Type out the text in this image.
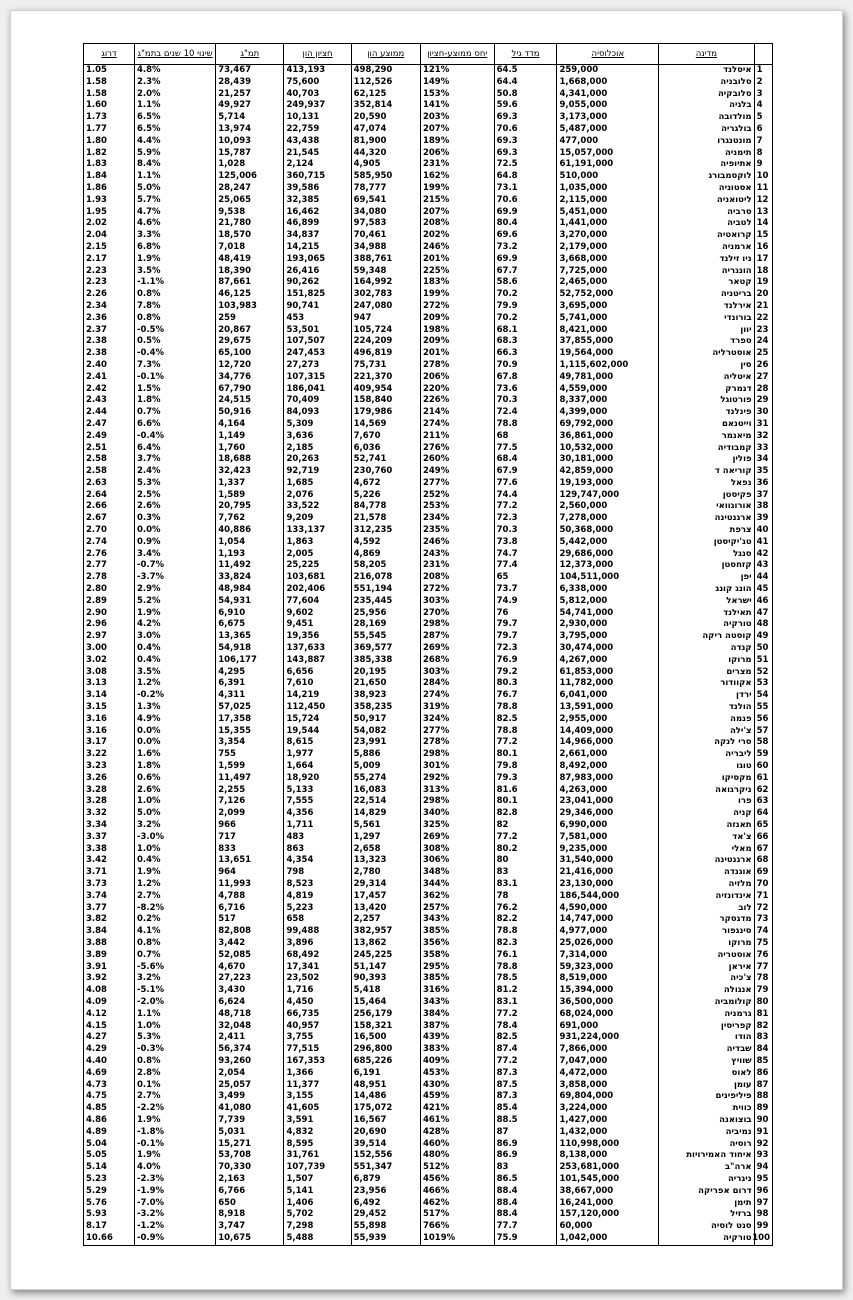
	מדינה	אוכלוסיה	מדד גיל	יחס ממוצע-חציון	ממוצע הון	חציון הון	תמ"ג	שינוי 10 שנים בתמ"ג	דרוג
1	איסלנד	259,000	64.5	121%	498,290	413,193	73,467	4.8%	1.05
2	סלובניה	1,668,000	64.4	149%	112,526	75,600	28,439	2.3%	1.58
3	סלובקיה	4,341,000	50.8	153%	62,125	40,703	21,257	2.0%	1.58
4	בלגיה	9,055,000	59.6	141%	352,814	249,937	49,927	1.1%	1.60
5	מולדובה	3,173,000	69.3	203%	20,590	10,131	5,714	6.5%	1.73
6	בולגריה	5,487,000	70.6	207%	47,074	22,759	13,974	6.5%	1.77
7	מונטנגרו	477,000	69.3	189%	81,900	43,438	10,093	4.4%	1.80
8	תימניה	15,057,000	69.3	206%	44,320	21,545	15,787	5.9%	1.82
9	אתיופיה	61,191,000	72.5	231%	4,905	2,124	1,028	8.4%	1.83
10	לוקסמבורג	510,000	64.8	162%	585,950	360,715	125,006	1.1%	1.84
11	אסטוניה	1,035,000	73.1	199%	78,777	39,586	28,247	5.0%	1.86
12	ליטואניה	2,115,000	70.6	215%	69,541	32,385	25,065	5.7%	1.93
13	סרביה	5,451,000	69.9	207%	34,080	16,462	9,538	4.7%	1.95
14	לטביה	1,441,000	80.4	208%	97,583	46,899	21,780	4.6%	2.02
15	קרואטיה	3,270,000	69.6	202%	70,461	34,837	18,570	3.3%	2.04
16	ארמניה	2,179,000	73.2	246%	34,988	14,215	7,018	6.8%	2.15
17	ניו זילנד	3,668,000	69.9	201%	388,761	193,065	48,419	1.9%	2.17
18	הונגריה	7,725,000	67.7	225%	59,348	26,416	18,390	3.5%	2.23
19	קטאר	2,465,000	58.6	183%	164,992	90,262	87,661	-1.1%	2.23
20	בריטניה	52,752,000	70.2	199%	302,783	151,825	46,125	0.8%	2.26
21	אירלנד	3,695,000	79.9	272%	247,080	90,741	103,983	7.8%	2.34
22	בורונדי	5,741,000	70.2	209%	947	453	259	0.8%	2.36
23	יוון	8,421,000	68.1	198%	105,724	53,501	20,867	-0.5%	2.37
24	ספרד	37,855,000	68.3	209%	224,209	107,507	29,675	0.5%	2.38
25	אוסטרליה	19,564,000	66.3	201%	496,819	247,453	65,100	-0.4%	2.38
26	סין	1,115,602,000	70.9	278%	75,731	27,273	12,720	7.3%	2.40
27	איטליה	49,781,000	67.8	206%	221,370	107,315	34,776	-0.1%	2.41
28	דנמרק	4,559,000	73.6	220%	409,954	186,041	67,790	1.5%	2.42
29	פורטוגל	8,337,000	70.3	226%	158,840	70,409	24,515	1.8%	2.43
30	פינלנד	4,399,000	72.4	214%	179,986	84,093	50,916	0.7%	2.44
31	וייטנאם	69,792,000	78.8	274%	14,569	5,309	4,164	6.6%	2.47
32	מיאנמר	36,861,000	68	211%	7,670	3,636	1,149	-0.4%	2.49
33	קמבודיה	10,532,000	77.5	276%	6,036	2,185	1,760	6.4%	2.51
34	פולין	30,181,000	68.4	260%	52,741	20,263	18,688	3.7%	2.58
35	קוריאה ד	42,859,000	67.9	249%	230,760	92,719	32,423	2.4%	2.58
36	נפאל	19,193,000	77.6	277%	4,672	1,685	1,337	5.3%	2.63
37	פקיסטן	129,747,000	74.4	252%	5,226	2,076	1,589	2.5%	2.64
38	אורוגוואי	2,560,000	77.2	253%	84,778	33,522	20,795	2.6%	2.66
39	ארגנטינה	7,278,000	72.3	234%	21,578	9,209	7,762	0.3%	2.67
40	צרפת	50,368,000	70.3	235%	312,235	133,137	40,886	0.0%	2.70
41	טג'יקיסטן	5,442,000	73.8	246%	4,592	1,863	1,054	0.9%	2.74
42	סנגל	29,686,000	74.7	243%	4,869	2,005	1,193	3.4%	2.76
43	קזחסטן	12,373,000	77.4	231%	58,205	25,225	11,492	-0.7%	2.77
44	יפן	104,511,000	65	208%	216,078	103,681	33,824	-3.7%	2.78
45	הונג קונג	6,338,000	73.7	272%	551,194	202,406	48,984	2.9%	2.80
46	ישראל	5,812,000	74.9	303%	235,445	77,604	54,931	5.2%	2.89
47	תאילנד	54,741,000	76	270%	25,956	9,602	6,910	1.9%	2.90
48	טורקיה	2,930,000	79.7	298%	28,169	9,451	6,675	4.2%	2.96
49	קוסטה ריקה	3,795,000	79.7	287%	55,545	19,356	13,365	3.0%	2.97
50	קנדה	30,474,000	72.3	269%	369,577	137,633	54,918	0.4%	3.00
51	מרוקו	4,267,000	76.9	268%	385,338	143,887	106,177	0.4%	3.02
52	מצרים	61,853,000	79.2	303%	20,195	6,656	4,295	3.5%	3.08
53	אקוודור	11,782,000	80.3	284%	21,650	7,610	6,391	1.2%	3.13
54	ירדן	6,041,000	76.7	274%	38,923	14,219	4,311	-0.2%	3.14
55	הולנד	13,591,000	78.8	319%	358,235	112,450	57,025	1.3%	3.15
56	פנמה	2,955,000	82.5	324%	50,917	15,724	17,358	4.9%	3.16
57	צ'ילה	14,409,000	78.8	277%	54,082	19,544	15,355	0.0%	3.16
58	סרי לנקה	14,966,000	77.2	278%	23,991	8,615	3,354	0.0%	3.17
59	ליבריה	2,661,000	80.1	298%	5,886	1,977	755	1.6%	3.22
60	טוגו	8,492,000	79.8	301%	5,009	1,664	1,599	1.8%	3.23
61	מקסיקו	87,983,000	79.3	292%	55,274	18,920	11,497	0.6%	3.26
62	ניקרגואה	4,263,000	81.6	313%	16,083	5,133	2,255	2.6%	3.28
63	פרו	23,041,000	80.1	298%	22,514	7,555	7,126	1.0%	3.28
64	קניה	29,346,000	82.8	340%	14,829	4,356	2,099	5.0%	3.32
65	תאנזה	6,990,000	82	325%	5,561	1,711	966	3.2%	3.34
66	צ'אד	7,581,000	77.2	269%	1,297	483	717	-3.0%	3.37
67	מאלי	9,235,000	80.2	308%	2,658	863	833	1.0%	3.38
68	ארגנטינה	31,540,000	80	306%	13,323	4,354	13,651	0.4%	3.42
69	אוגנדה	21,416,000	83	348%	2,780	798	964	1.9%	3.71
70	מלזיה	23,130,000	83.1	344%	29,314	8,523	11,993	1.2%	3.73
71	אינדונזיה	186,544,000	78	362%	17,457	4,819	4,788	2.7%	3.74
72	לוב	4,590,000	76.2	257%	13,420	5,223	6,716	-8.2%	3.77
73	מדגסקר	14,747,000	82.2	343%	2,257	658	517	0.2%	3.82
74	סינגפור	4,977,000	78.8	385%	382,957	99,488	82,808	4.1%	3.84
75	מרוקו	25,026,000	82.3	356%	13,862	3,896	3,442	0.8%	3.88
76	אוסטריה	7,314,000	76.1	358%	245,225	68,492	52,085	0.7%	3.89
77	איראן	59,323,000	78.8	295%	51,147	17,341	4,670	-5.6%	3.91
78	צ'כיה	8,519,000	78.5	385%	90,393	23,502	27,223	3.2%	3.92
79	אנגולה	15,394,000	81.2	316%	5,418	1,716	3,430	-5.1%	4.08
80	קולומביה	36,500,000	83.1	343%	15,464	4,450	6,624	-2.0%	4.09
81	גרמניה	68,024,000	77.2	384%	256,179	66,735	48,718	1.1%	4.12
82	קפריסין	691,000	78.4	387%	158,321	40,957	32,048	1.0%	4.15
83	הודו	931,224,000	82.5	439%	16,500	3,755	2,411	5.3%	4.27
84	שבדיה	7,866,000	87.4	383%	296,800	77,515	56,374	-0.3%	4.29
85	שוויץ	7,047,000	77.2	409%	685,226	167,353	93,260	0.8%	4.40
86	לאוס	4,472,000	87.3	453%	6,191	1,366	2,054	2.8%	4.69
87	עומן	3,858,000	87.5	430%	48,951	11,377	25,057	0.1%	4.73
88	פיליפינים	69,804,000	87.3	459%	14,486	3,155	3,499	2.7%	4.75
89	כווית	3,224,000	85.4	421%	175,072	41,605	41,080	-2.2%	4.85
90	בוצואנה	1,427,000	88.5	461%	16,567	3,591	7,739	1.9%	4.86
91	נמיביה	1,432,000	87	428%	20,690	4,832	5,031	-1.8%	4.89
92	רוסיה	110,998,000	86.9	460%	39,514	8,595	15,271	-0.1%	5.04
93	איחוד האמירויות	8,138,000	86.9	480%	152,556	31,761	53,708	1.9%	5.05
94	ארה"ב	253,681,000	83	512%	551,347	107,739	70,330	4.0%	5.14
95	ניגריה	101,545,000	86.5	456%	6,879	1,507	2,163	-2.3%	5.23
96	דרום אפריקה	38,667,000	88.4	466%	23,956	5,141	6,766	-1.9%	5.29
97	תימן	16,241,000	88.4	462%	6,492	1,406	650	-7.0%	5.76
98	ברזיל	157,120,000	88.4	517%	29,452	5,702	8,918	-3.2%	5.93
99	סנט לוסיה	60,000	77.7	766%	55,898	7,298	3,747	-1.2%	8.17
100	טורקיה	1,042,000	75.9	1019%	55,939	5,488	10,675	-0.9%	10.66
